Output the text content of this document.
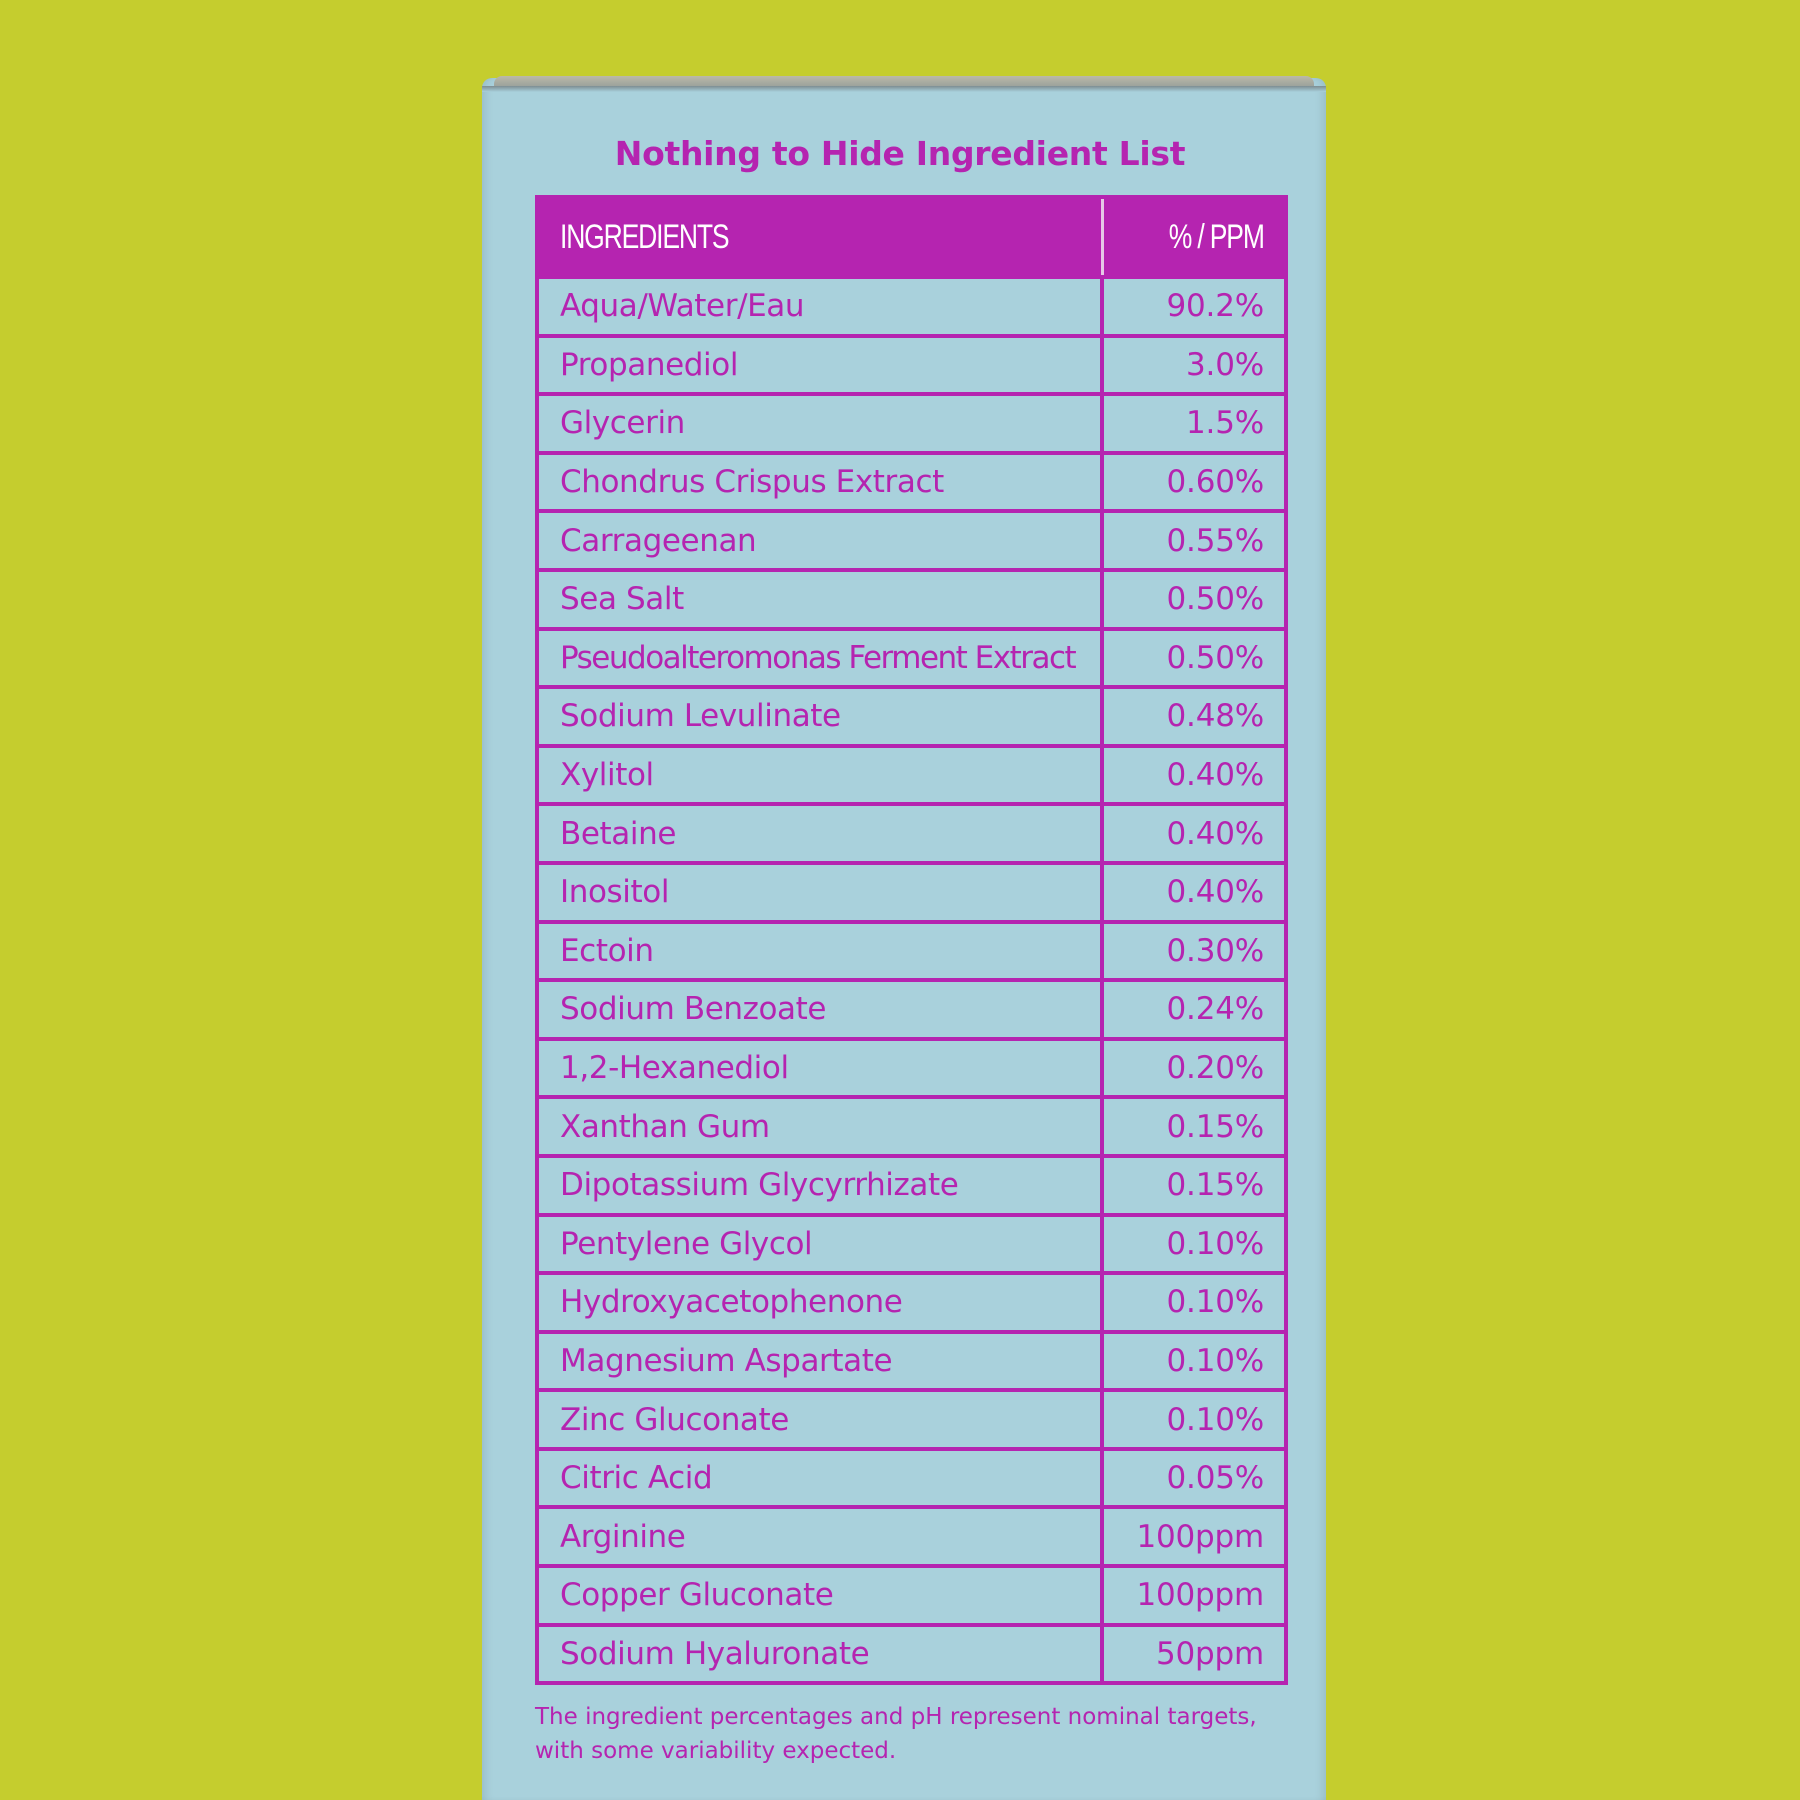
Nothing to Hide Ingredient List
INGREDIENTS	% / PPM
Aqua/Water/Eau	90.2%
Propanediol	3.0%
Glycerin	1.5%
Chondrus Crispus Extract	0.60%
Carrageenan	0.55%
Sea Salt	0.50%
Pseudoalteromonas Ferment Extract	0.50%
Sodium Levulinate	0.48%
Xylitol	0.40%
Betaine	0.40%
Inositol	0.40%
Ectoin	0.30%
Sodium Benzoate	0.24%
1,2-Hexanediol	0.20%
Xanthan Gum	0.15%
Dipotassium Glycyrrhizate	0.15%
Pentylene Glycol	0.10%
Hydroxyacetophenone	0.10%
Magnesium Aspartate	0.10%
Zinc Gluconate	0.10%
Citric Acid	0.05%
Arginine	100ppm
Copper Gluconate	100ppm
Sodium Hyaluronate	50ppm
The ingredient percentages and pH represent nominal targets, with some variability expected.
